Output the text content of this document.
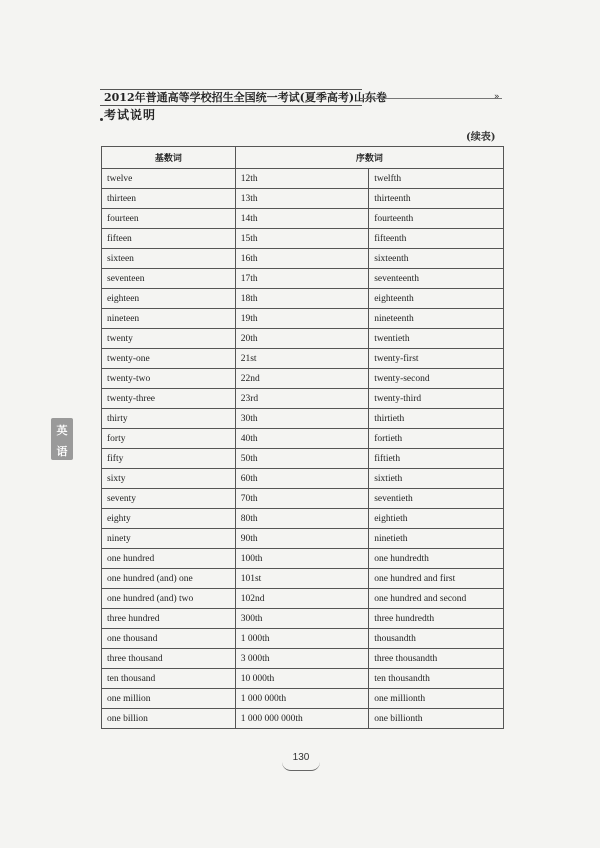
2012年普通高等学校招生全国统一考试(夏季高考)山东卷	»
考试说明
(续表)
英
语
基数词	序数词	
twelve	12th	twelfth
thirteen	13th	thirteenth
fourteen	14th	fourteenth
fifteen	15th	fifteenth
sixteen	16th	sixteenth
seventeen	17th	seventeenth
eighteen	18th	eighteenth
nineteen	19th	nineteenth
twenty	20th	twentieth
twenty-one	21st	twenty-first
twenty-two	22nd	twenty-second
twenty-three	23rd	twenty-third
thirty	30th	thirtieth
forty	40th	fortieth
fifty	50th	fiftieth
sixty	60th	sixtieth
seventy	70th	seventieth
eighty	80th	eightieth
ninety	90th	ninetieth
one hundred	100th	one hundredth
one hundred (and) one	101st	one hundred and first
one hundred (and) two	102nd	one hundred and second
three hundred	300th	three hundredth
one thousand	1 000th	thousandth
three thousand	3 000th	three thousandth
ten thousand	10 000th	ten thousandth
one million	1 000 000th	one millionth
one billion	1 000 000 000th	one billionth
130
